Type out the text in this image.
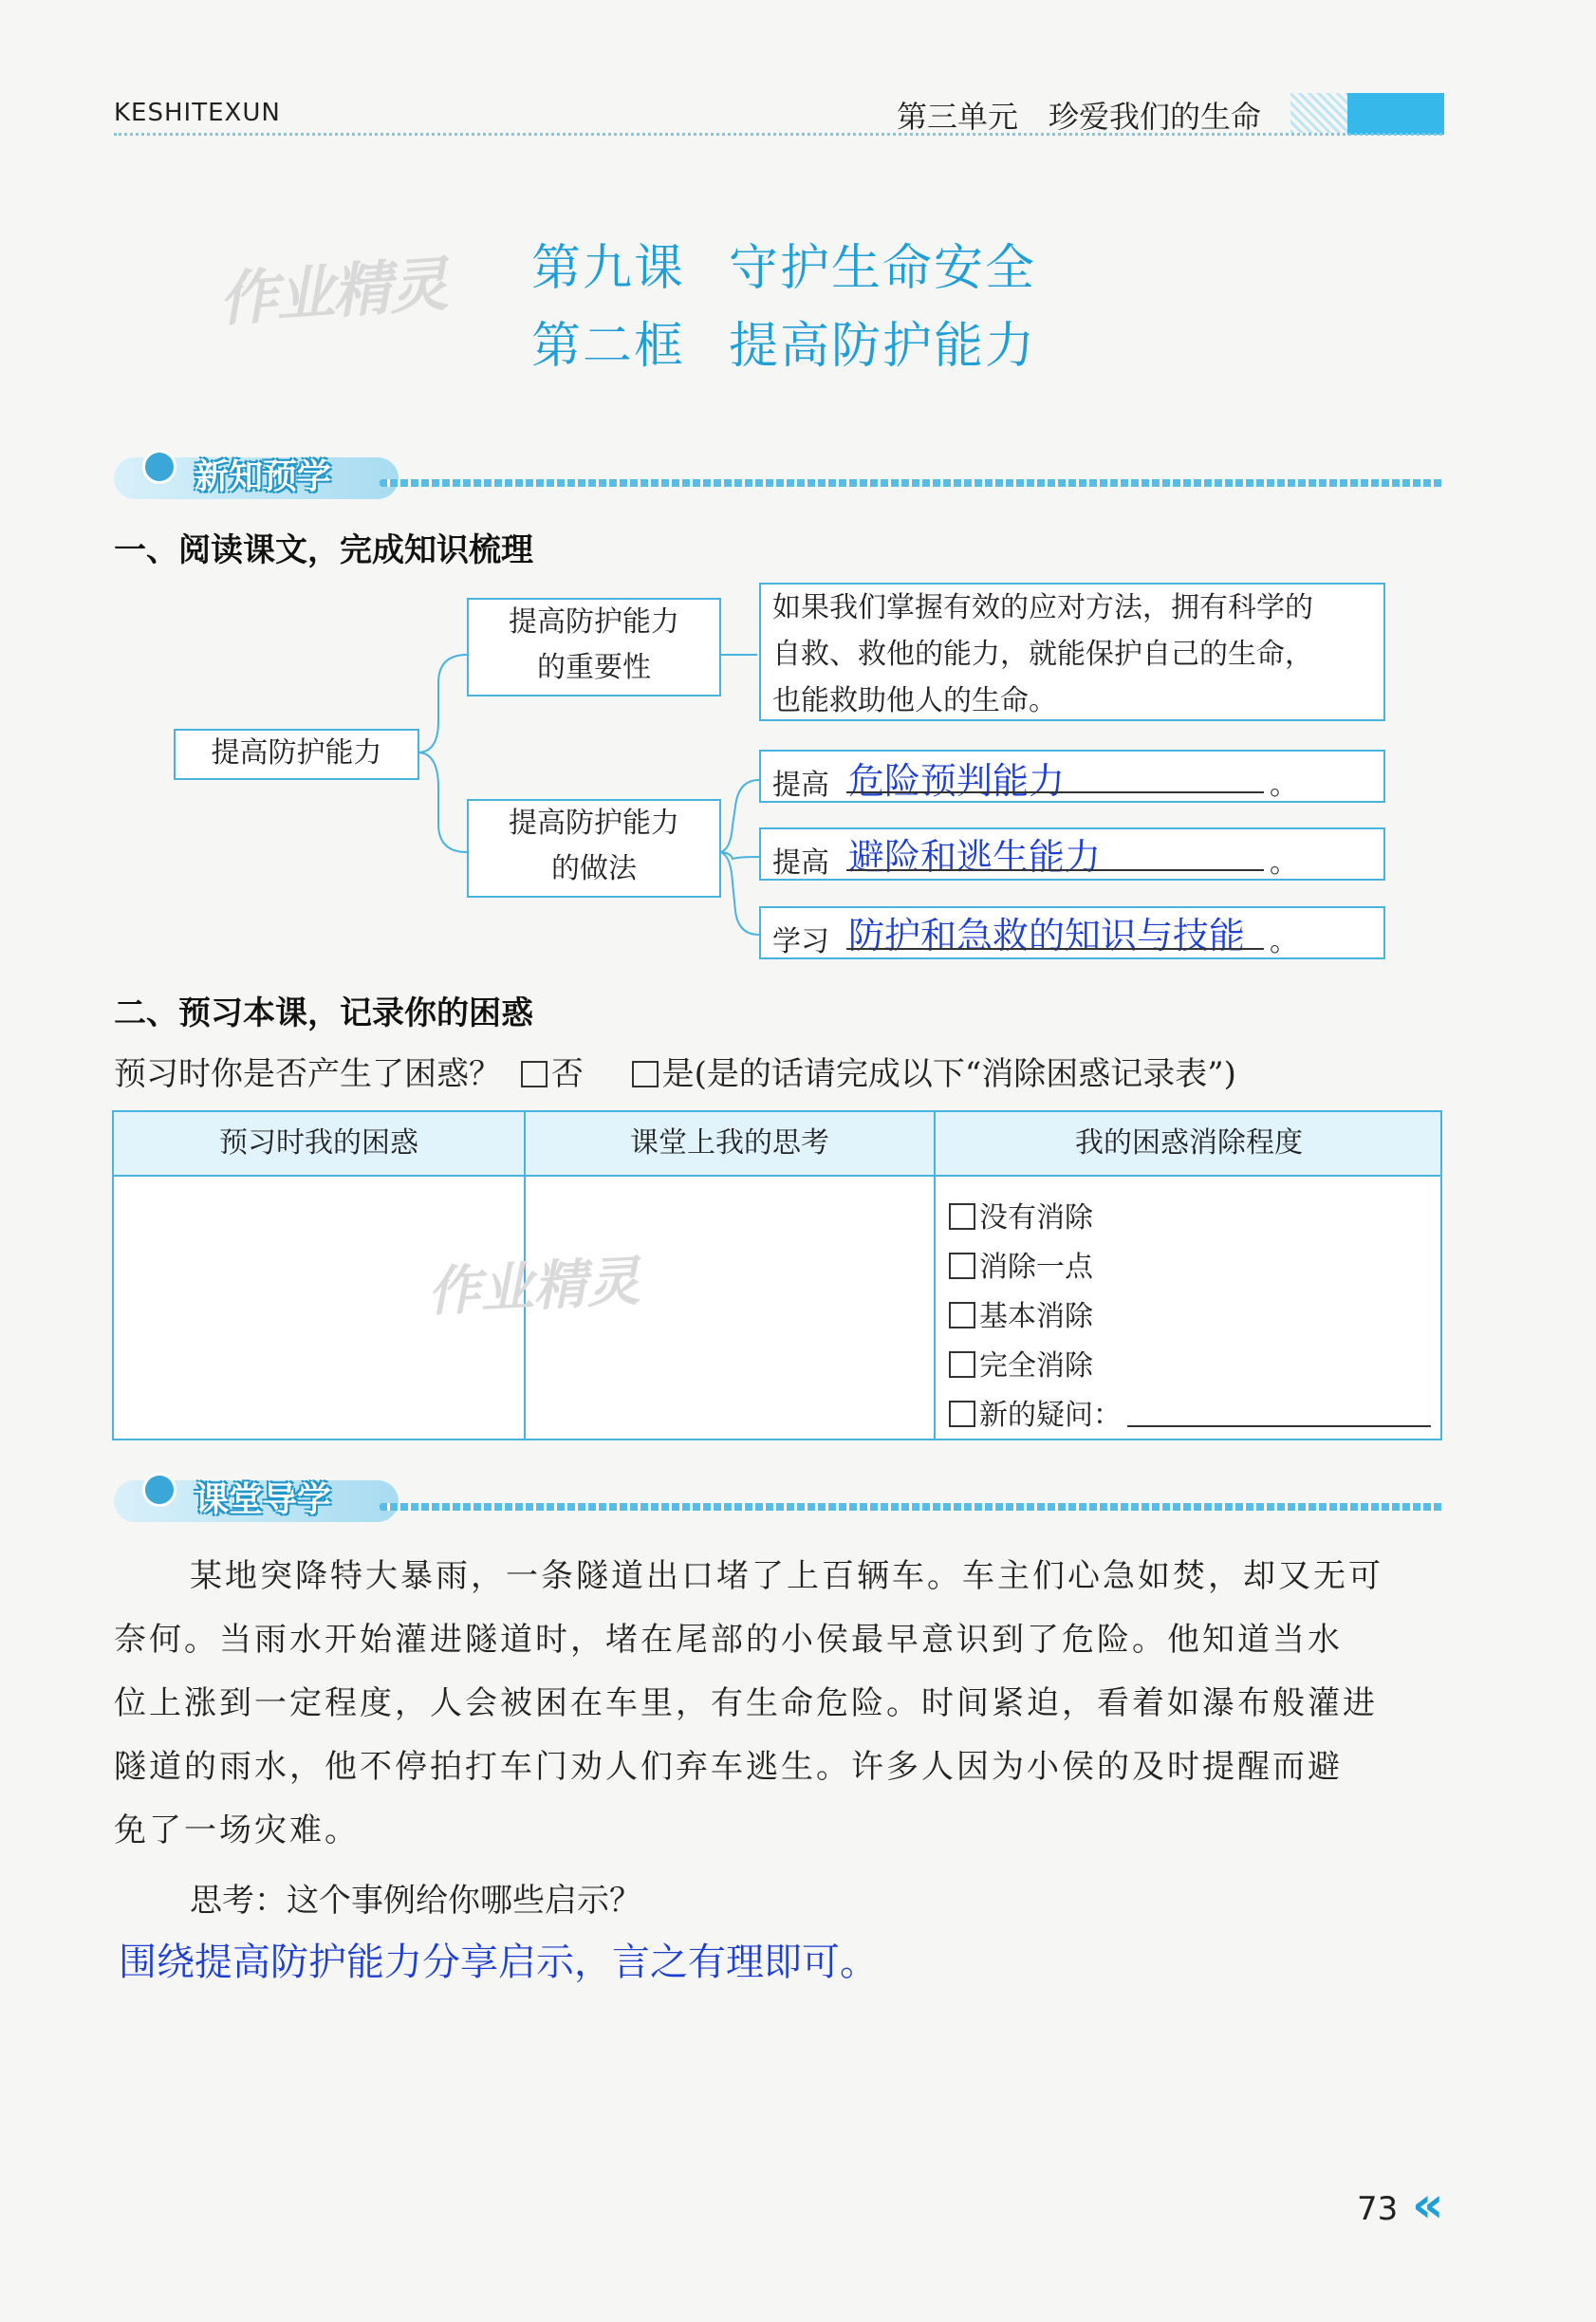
KESHITEXUN	第三单元　珍爱我们的生命
作业精灵 第九课 守护生命安全
第二框 提高防护能力
新知预学
一、阅读课文，完成知识梳理
提高防护能力
提高防护能力
的重要性
如果我们掌握有效的应对方法，拥有科学的
自救、救他的能力，就能保护自己的生命，
也能救助他人的生命。
提高防护能力
的做法
提高 危险预判能力	。
提高 避险和逃生能力	。
学习 防护和急救的知识与技能 。
二、预习本课，记录你的困惑
预习时你是否产生了困惑？ 否 是(是的话请完成以下“消除困惑记录表”)
预习时我的困惑	课堂上我的思考	我的困惑消除程度
作业精灵
没有消除
消除一点
基本消除
完全消除
新的疑问：
课堂导学
某地突降特大暴雨，一条隧道出口堵了上百辆车。车主们心急如焚，却又无可
奈何。当雨水开始灌进隧道时，堵在尾部的小侯最早意识到了危险。他知道当水
位上涨到一定程度，人会被困在车里，有生命危险。时间紧迫，看着如瀑布般灌进
隧道的雨水，他不停拍打车门劝人们弃车逃生。许多人因为小侯的及时提醒而避
免了一场灾难。
思考：这个事例给你哪些启示？
围绕提高防护能力分享启示，言之有理即可。
73 «
